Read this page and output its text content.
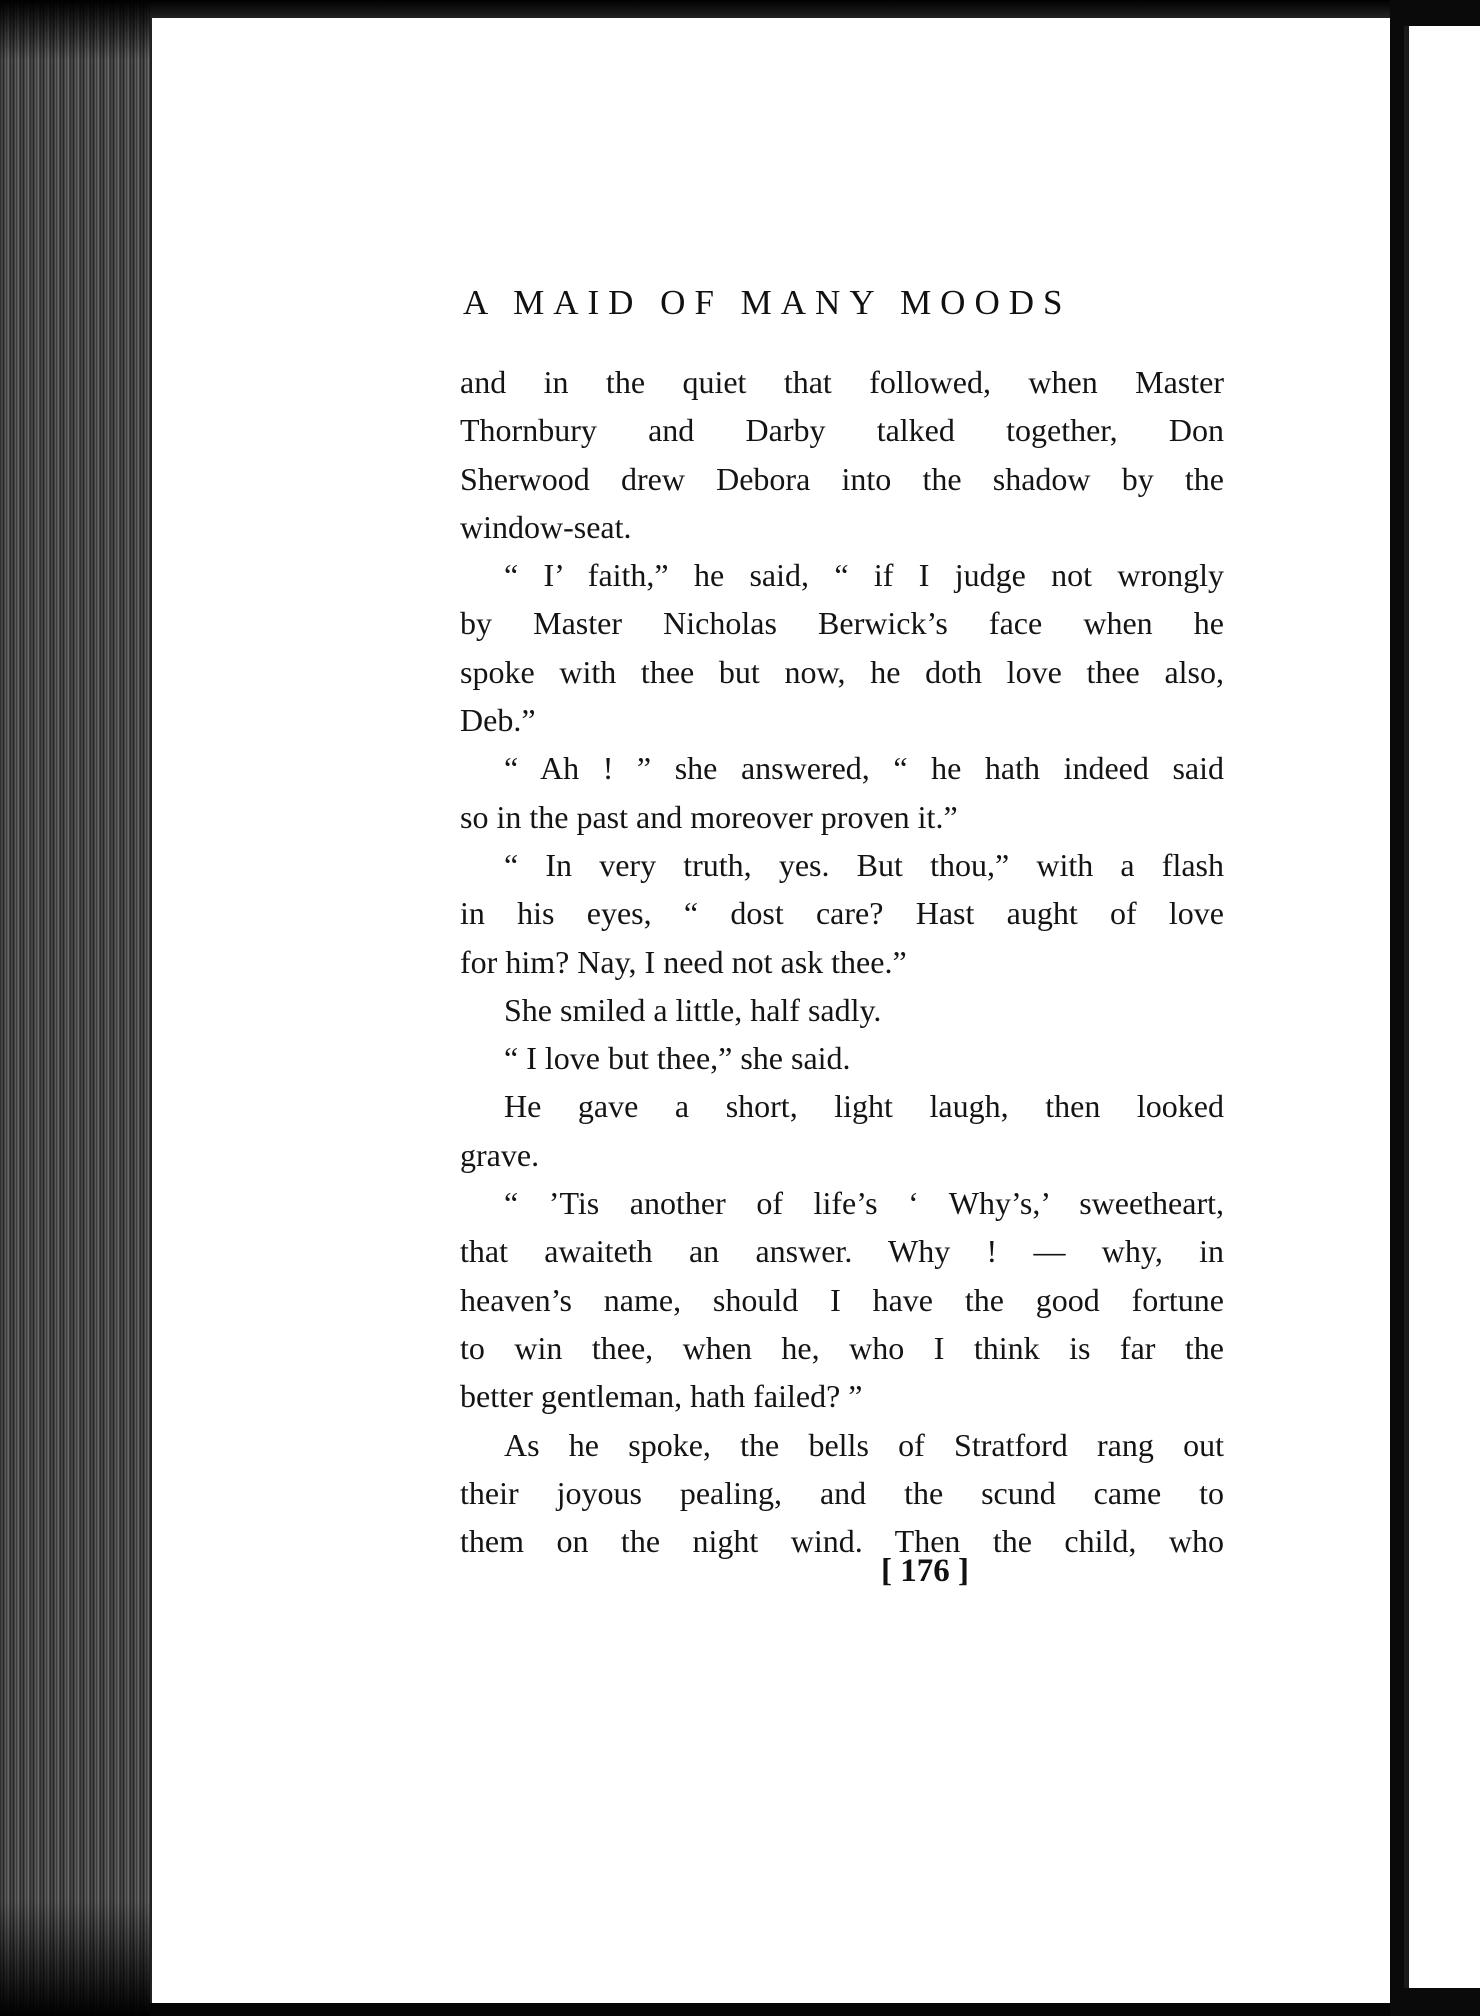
A MAID OF MANY MOODS
and in the quiet that followed, when Master
Thornbury and Darby talked together, Don
Sherwood drew Debora into the shadow by the
window-seat.
“ I’ faith,” he said, “ if I judge not wrongly
by Master Nicholas Berwick’s face when he
spoke with thee but now, he doth love thee also,
Deb.”
“ Ah ! ” she answered, “ he hath indeed said
so in the past and moreover proven it.”
“ In very truth, yes. But thou,” with a flash
in his eyes, “ dost care? Hast aught of love
for him? Nay, I need not ask thee.”
She smiled a little, half sadly.
“ I love but thee,” she said.
He gave a short, light laugh, then looked
grave.
“ ’Tis another of life’s ‘ Why’s,’ sweetheart,
that awaiteth an answer. Why ! — why, in
heaven’s name, should I have the good fortune
to win thee, when he, who I think is far the
better gentleman, hath failed? ”
As he spoke, the bells of Stratford rang out
their joyous pealing, and the scund came to
them on the night wind. Then the child, who
[ 176 ]
